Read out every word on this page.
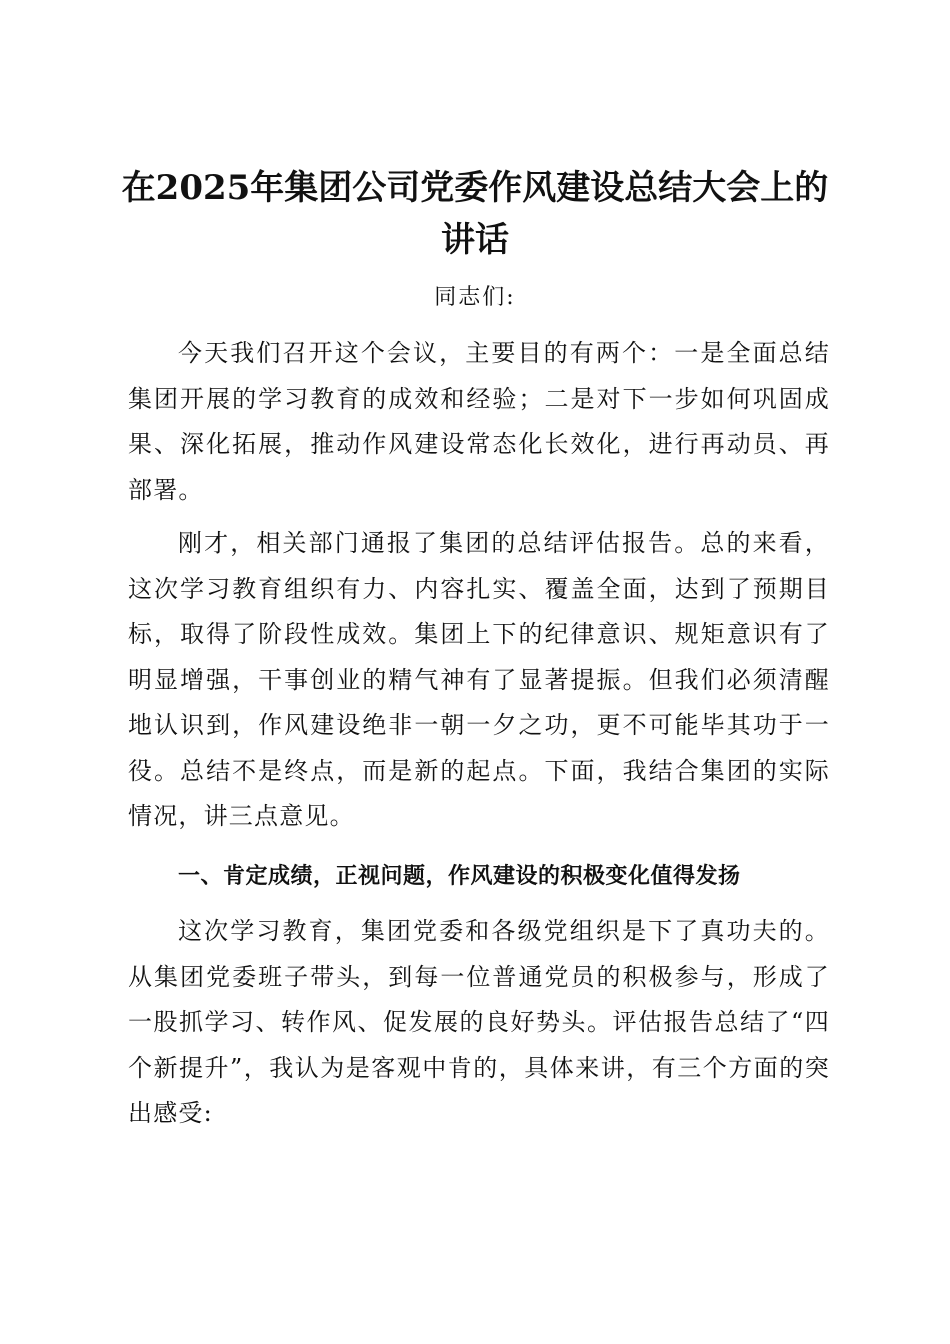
在2025年集团公司党委作风建设总结大会上的讲话
同志们:

今天我们召开这个会议，主要目的有两个：一是全面总结集团开展的学习教育的成效和经验；二是对下一步如何巩固成果、深化拓展，推动作风建设常态化长效化，进行再动员、再部署。

刚才，相关部门通报了集团的总结评估报告。总的来看，这次学习教育组织有力、内容扎实、覆盖全面，达到了预期目标，取得了阶段性成效。集团上下的纪律意识、规矩意识有了明显增强，干事创业的精气神有了显著提振。但我们必须清醒地认识到，作风建设绝非一朝一夕之功，更不可能毕其功于一役。总结不是终点，而是新的起点。下面，我结合集团的实际情况，讲三点意见。

一、肯定成绩，正视问题，作风建设的积极变化值得发扬

这次学习教育，集团党委和各级党组织是下了真功夫的。从集团党委班子带头，到每一位普通党员的积极参与，形成了一股抓学习、转作风、促发展的良好势头。评估报告总结了“四个新提升”，我认为是客观中肯的，具体来讲，有三个方面的突出感受:
